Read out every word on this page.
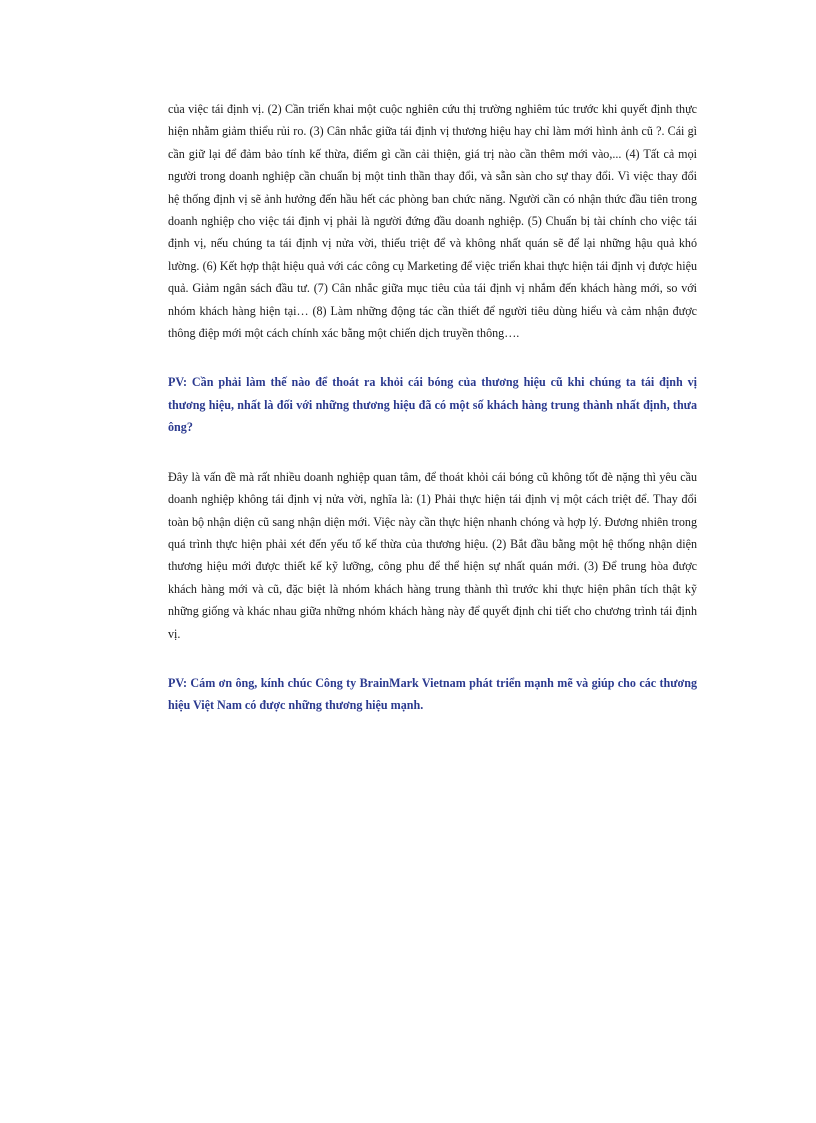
của việc tái định vị. (2) Cần triển khai một cuộc nghiên cứu thị trường nghiêm túc trước khi quyết định thực hiện nhằm giảm thiểu rủi ro. (3) Cân nhắc giữa tái định vị thương hiệu hay chỉ làm mới hình ảnh cũ ?. Cái gì cần giữ lại để đảm bảo tính kế thừa, điểm gì cần cải thiện, giá trị nào cần thêm mới vào,... (4) Tất cả mọi người trong doanh nghiệp cần chuẩn bị một tinh thần thay đổi, và sẵn sàn cho sự thay đổi. Vì việc thay đổi hệ thống định vị sẽ ảnh hưởng đến hầu hết các phòng ban chức năng. Người cần có nhận thức đầu tiên trong doanh nghiệp cho việc tái định vị phải là người đứng đầu doanh nghiệp. (5) Chuẩn bị tài chính cho việc tái định vị, nếu chúng ta tái định vị nửa vời, thiếu triệt để và không nhất quán sẽ để lại những hậu quả khó lường. (6) Kết hợp thật hiệu quả với các công cụ Marketing để việc triển khai thực hiện tái định vị được hiệu quả. Giảm ngân sách đầu tư. (7) Cân nhắc giữa mục tiêu của tái định vị nhắm đến khách hàng mới, so với nhóm khách hàng hiện tại… (8) Làm những động tác cần thiết để người tiêu dùng hiểu và cảm nhận được thông điệp mới một cách chính xác bằng một chiến dịch truyền thông….

PV: Cần phải làm thế nào để thoát ra khỏi cái bóng của thương hiệu cũ khi chúng ta tái định vị thương hiệu, nhất là đối với những thương hiệu đã có một số khách hàng trung thành nhất định, thưa ông?

Đây là vấn đề mà rất nhiều doanh nghiệp quan tâm, để thoát khỏi cái bóng cũ không tốt đè nặng thì yêu cầu doanh nghiệp không tái định vị nửa vời, nghĩa là: (1) Phải thực hiện tái định vị một cách triệt để. Thay đổi toàn bộ nhận diện cũ sang nhận diện mới. Việc này cần thực hiện nhanh chóng và hợp lý. Đương nhiên trong quá trình thực hiện phải xét đến yếu tố kế thừa của thương hiệu. (2) Bắt đầu bằng một hệ thống nhận diện thương hiệu mới được thiết kế kỹ lưỡng, công phu để thể hiện sự nhất quán mới. (3) Để trung hòa được khách hàng mới và cũ, đặc biệt là nhóm khách hàng trung thành thì trước khi thực hiện phân tích thật kỹ những giống và khác nhau giữa những nhóm khách hàng này để quyết định chi tiết cho chương trình tái định vị.

PV: Cám ơn ông, kính chúc Công ty BrainMark Vietnam phát triển mạnh mẽ và giúp cho các thương hiệu Việt Nam có được những thương hiệu mạnh.
